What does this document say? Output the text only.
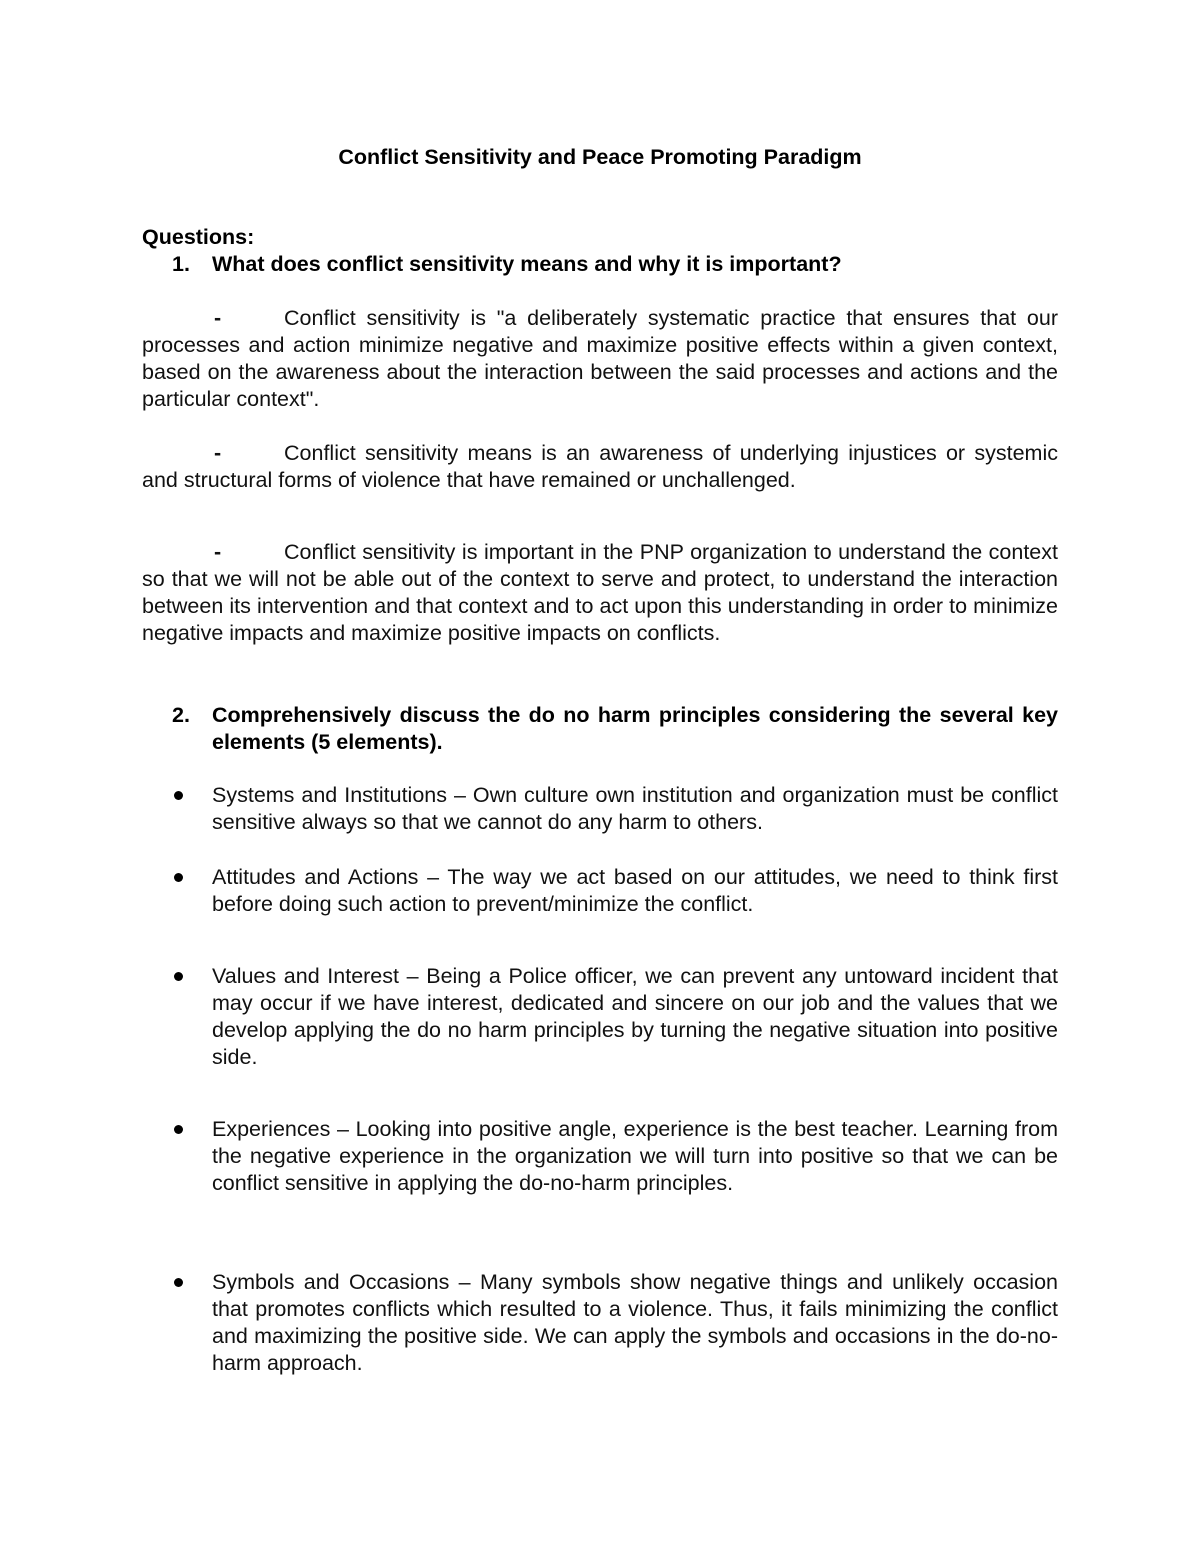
Conflict Sensitivity and Peace Promoting Paradigm

Questions:

1.	What does conflict sensitivity means and why it is important?

-	Conflict sensitivity is "a deliberately systematic practice that ensures that our processes and action minimize negative and maximize positive effects within a given context, based on the awareness about the interaction between the said processes and actions and the particular context".

-	Conflict sensitivity means is an awareness of underlying injustices or systemic and structural forms of violence that have remained or unchallenged.

-	Conflict sensitivity is important in the PNP organization to understand the context so that we will not be able out of the context to serve and protect, to understand the interaction between its intervention and that context and to act upon this understanding in order to minimize negative impacts and maximize positive impacts on conflicts.

2.	Comprehensively discuss the do no harm principles considering the several key elements (5 elements).
Systems and Institutions – Own culture own institution and organization must be conflict sensitive always so that we cannot do any harm to others.
Attitudes and Actions – The way we act based on our attitudes, we need to think first before doing such action to prevent/minimize the conflict.
Values and Interest – Being a Police officer, we can prevent any untoward incident that may occur if we have interest, dedicated and sincere on our job and the values that we develop applying the do no harm principles by turning the negative situation into positive side.
Experiences – Looking into positive angle, experience is the best teacher. Learning from the negative experience in the organization we will turn into positive so that we can be conflict sensitive in applying the do-no-harm principles.
Symbols and Occasions – Many symbols show negative things and unlikely occasion that promotes conflicts which resulted to a violence. Thus, it fails minimizing the conflict and maximizing the positive side. We can apply the symbols and occasions in the do-no-harm approach.
